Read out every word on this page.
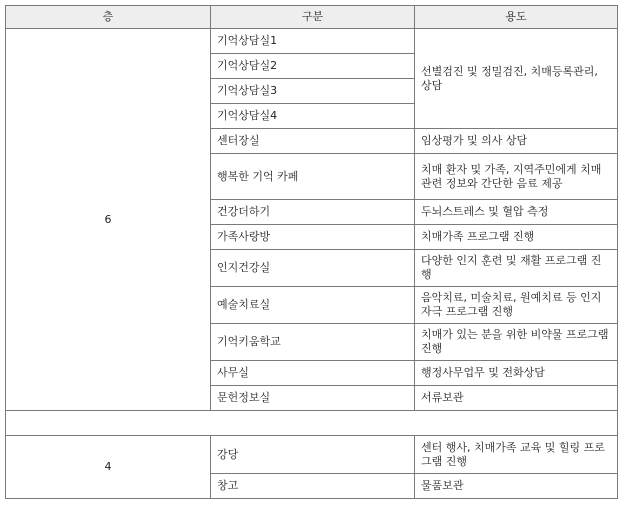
층	구분	용도
6	기억상담실1	선별검진 및 정밀검진, 치매등록관리, 상담
	기억상담실2	
	기억상담실3	
	기억상담실4	
	센터장실	임상평가 및 의사 상담
	행복한 기억 카페	치매 환자 및 가족, 지역주민에게 치매 관련 정보와 간단한 음료 제공
	건강더하기	두뇌스트레스 및 혈압 측정
	가족사랑방	치매가족 프로그램 진행
	인지건강실	다양한 인지 훈련 및 재활 프로그램 진행
	예술치료실	음악치료, 미술치료, 원예치료 등 인지 자극 프로그램 진행
	기억키움학교	치매가 있는 분을 위한 비약물 프로그램 진행
	사무실	행정사무업무 및 전화상담
	문헌정보실	서류보관

4	강당	센터 행사, 치매가족 교육 및 힐링 프로그램 진행
	창고	물품보관
